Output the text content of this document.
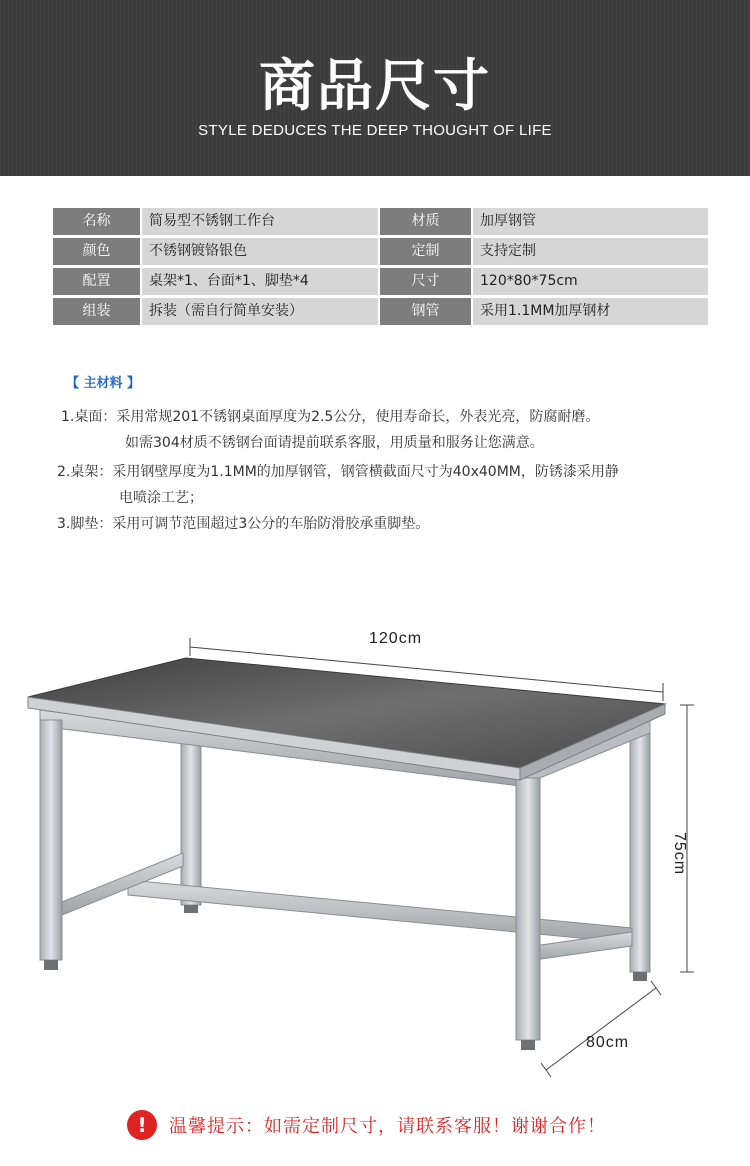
商品尺寸
STYLE DEDUCES THE DEEP THOUGHT OF LIFE
名称	简易型不锈钢工作台	材质	加厚钢管
颜色	不锈钢镀铬银色	定制	支持定制
配置	桌架*1、台面*1、脚垫*4	尺寸	120*80*75cm
组装	拆装（需自行简单安装）	钢管	采用1.1MM加厚钢材
【 主材料 】
1.桌面：采用常规201不锈钢桌面厚度为2.5公分，使用寿命长，外表光亮，防腐耐磨。
如需304材质不锈钢台面请提前联系客服，用质量和服务让您满意。
2.桌架：采用钢壁厚度为1.1MM的加厚钢管，钢管横截面尺寸为40x40MM，防锈漆采用静
电喷涂工艺；
3.脚垫：采用可调节范围超过3公分的车胎防滑胶承重脚垫。
120cm
75cm
80cm
!	温馨提示：如需定制尺寸，请联系客服！谢谢合作！
